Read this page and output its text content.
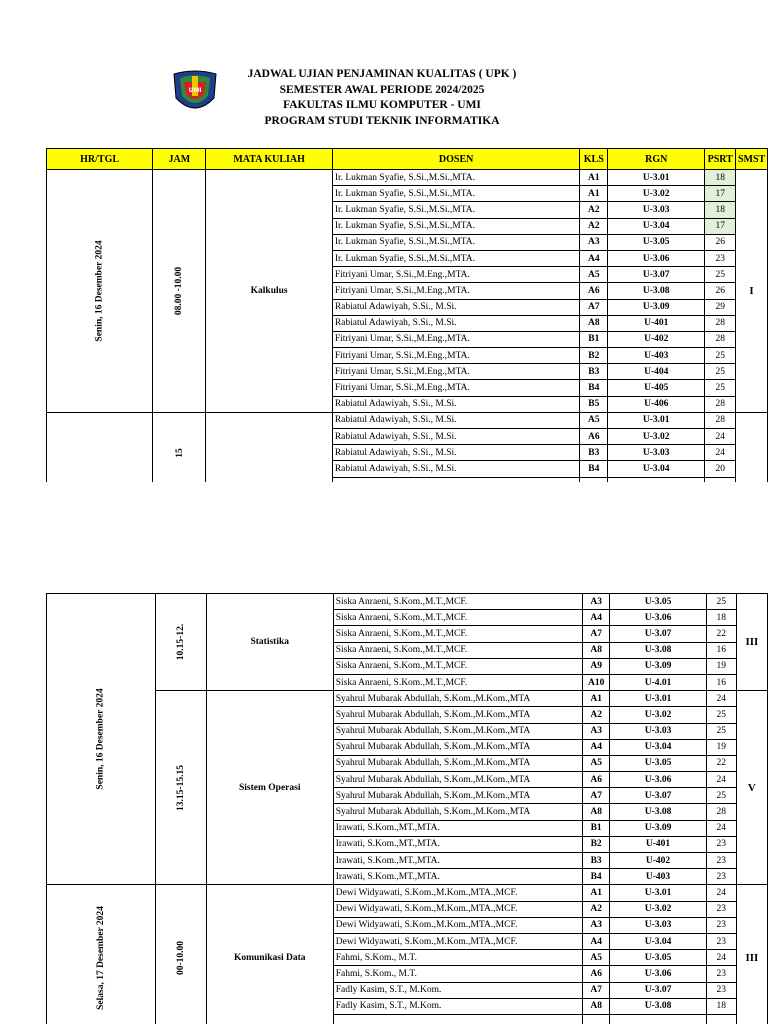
UMI
JADWAL UJIAN PENJAMINAN KUALITAS ( UPK )
SEMESTER AWAL PERIODE 2024/2025
FAKULTAS ILMU KOMPUTER - UMI
PROGRAM STUDI TEKNIK INFORMATIKA
HR/TGL	JAM	MATA KULIAH	DOSEN	KLS	RGN	PSRT	SMST
Senin, 16 Desember 2024	08.00 -10.00	Kalkulus	Ir. Lukman Syafie, S.Si.,M.Si.,MTA.	A1	U-3.01	18	I
			Ir. Lukman Syafie, S.Si.,M.Si.,MTA.	A1	U-3.02	17	
			Ir. Lukman Syafie, S.Si.,M.Si.,MTA.	A2	U-3.03	18	
			Ir. Lukman Syafie, S.Si.,M.Si.,MTA.	A2	U-3.04	17	
			Ir. Lukman Syafie, S.Si.,M.Si.,MTA.	A3	U-3.05	26	
			Ir. Lukman Syafie, S.Si.,M.Si.,MTA.	A4	U-3.06	23	
			Fitriyani Umar, S.Si.,M.Eng.,MTA.	A5	U-3.07	25	
			Fitriyani Umar, S.Si.,M.Eng.,MTA.	A6	U-3.08	26	
			Rabiatul Adawiyah, S.Si., M.Si.	A7	U-3.09	29	
			Rabiatul Adawiyah, S.Si., M.Si.	A8	U-401	28	
			Fitriyani Umar, S.Si.,M.Eng.,MTA.	B1	U-402	28	
			Fitriyani Umar, S.Si.,M.Eng.,MTA.	B2	U-403	25	
			Fitriyani Umar, S.Si.,M.Eng.,MTA.	B3	U-404	25	
			Fitriyani Umar, S.Si.,M.Eng.,MTA.	B4	U-405	25	
			Rabiatul Adawiyah, S.Si., M.Si.	B5	U-406	28	
	15		Rabiatul Adawiyah, S.Si., M.Si.	A5	U-3.01	28	
			Rabiatul Adawiyah, S.Si., M.Si.	A6	U-3.02	24	
			Rabiatul Adawiyah, S.Si., M.Si.	B3	U-3.03	24	
			Rabiatul Adawiyah, S.Si., M.Si.	B4	U-3.04	20	

Senin, 16 Desember 2024	10.15-12.	Statistika	Siska Anraeni, S.Kom.,M.T.,MCF.	A3	U-3.05	25	III
			Siska Anraeni, S.Kom.,M.T.,MCF.	A4	U-3.06	18	
			Siska Anraeni, S.Kom.,M.T.,MCF.	A7	U-3.07	22	
			Siska Anraeni, S.Kom.,M.T.,MCF.	A8	U-3.08	16	
			Siska Anraeni, S.Kom.,M.T.,MCF.	A9	U-3.09	19	
			Siska Anraeni, S.Kom.,M.T.,MCF.	A10	U-4.01	16	
	13.15-15.15	Sistem Operasi	Syahrul Mubarak Abdullah, S.Kom.,M.Kom.,MTA	A1	U-3.01	24	V
			Syahrul Mubarak Abdullah, S.Kom.,M.Kom.,MTA	A2	U-3.02	25	
			Syahrul Mubarak Abdullah, S.Kom.,M.Kom.,MTA	A3	U-3.03	25	
			Syahrul Mubarak Abdullah, S.Kom.,M.Kom.,MTA	A4	U-3.04	19	
			Syahrul Mubarak Abdullah, S.Kom.,M.Kom.,MTA	A5	U-3.05	22	
			Syahrul Mubarak Abdullah, S.Kom.,M.Kom.,MTA	A6	U-3.06	24	
			Syahrul Mubarak Abdullah, S.Kom.,M.Kom.,MTA	A7	U-3.07	25	
			Syahrul Mubarak Abdullah, S.Kom.,M.Kom.,MTA	A8	U-3.08	28	
			Irawati, S.Kom.,MT.,MTA.	B1	U-3.09	24	
			Irawati, S.Kom.,MT.,MTA.	B2	U-401	23	
			Irawati, S.Kom.,MT.,MTA.	B3	U-402	23	
			Irawati, S.Kom.,MT.,MTA.	B4	U-403	23	
Selasa, 17 Desember 2024	00-10.00	Komunikasi Data	Dewi Widyawati, S.Kom.,M.Kom.,MTA.,MCF.	A1	U-3.01	24	III
			Dewi Widyawati, S.Kom.,M.Kom.,MTA.,MCF.	A2	U-3.02	23	
			Dewi Widyawati, S.Kom.,M.Kom.,MTA.,MCF.	A3	U-3.03	23	
			Dewi Widyawati, S.Kom.,M.Kom.,MTA.,MCF.	A4	U-3.04	23	
			Fahmi, S.Kom., M.T.	A5	U-3.05	24	
			Fahmi, S.Kom., M.T.	A6	U-3.06	23	
			Fadly Kasim, S.T., M.Kom.	A7	U-3.07	23	
			Fadly Kasim, S.T., M.Kom.	A8	U-3.08	18	
